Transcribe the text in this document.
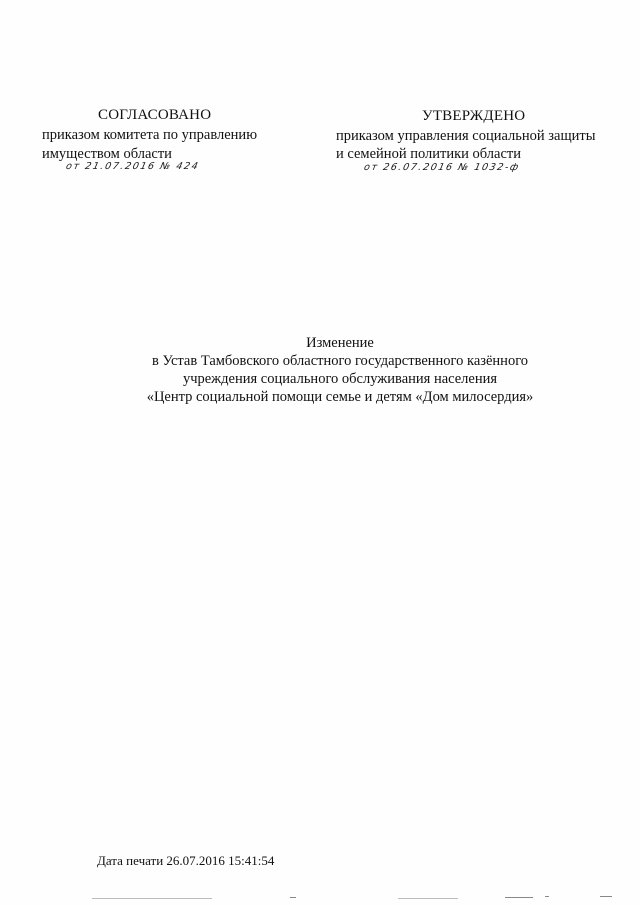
СОГЛАСОВАНО
приказом комитета по управлению
имуществом области
от 21.07.2016 № 424
УТВЕРЖДЕНО
приказом управления социальной защиты
и семейной политики области
от 26.07.2016 № 1032-ф
Изменение
в Устав Тамбовского областного государственного казённого
учреждения социального обслуживания населения
«Центр социальной помощи семье и детям «Дом милосердия»
Дата печати 26.07.2016 15:41:54
